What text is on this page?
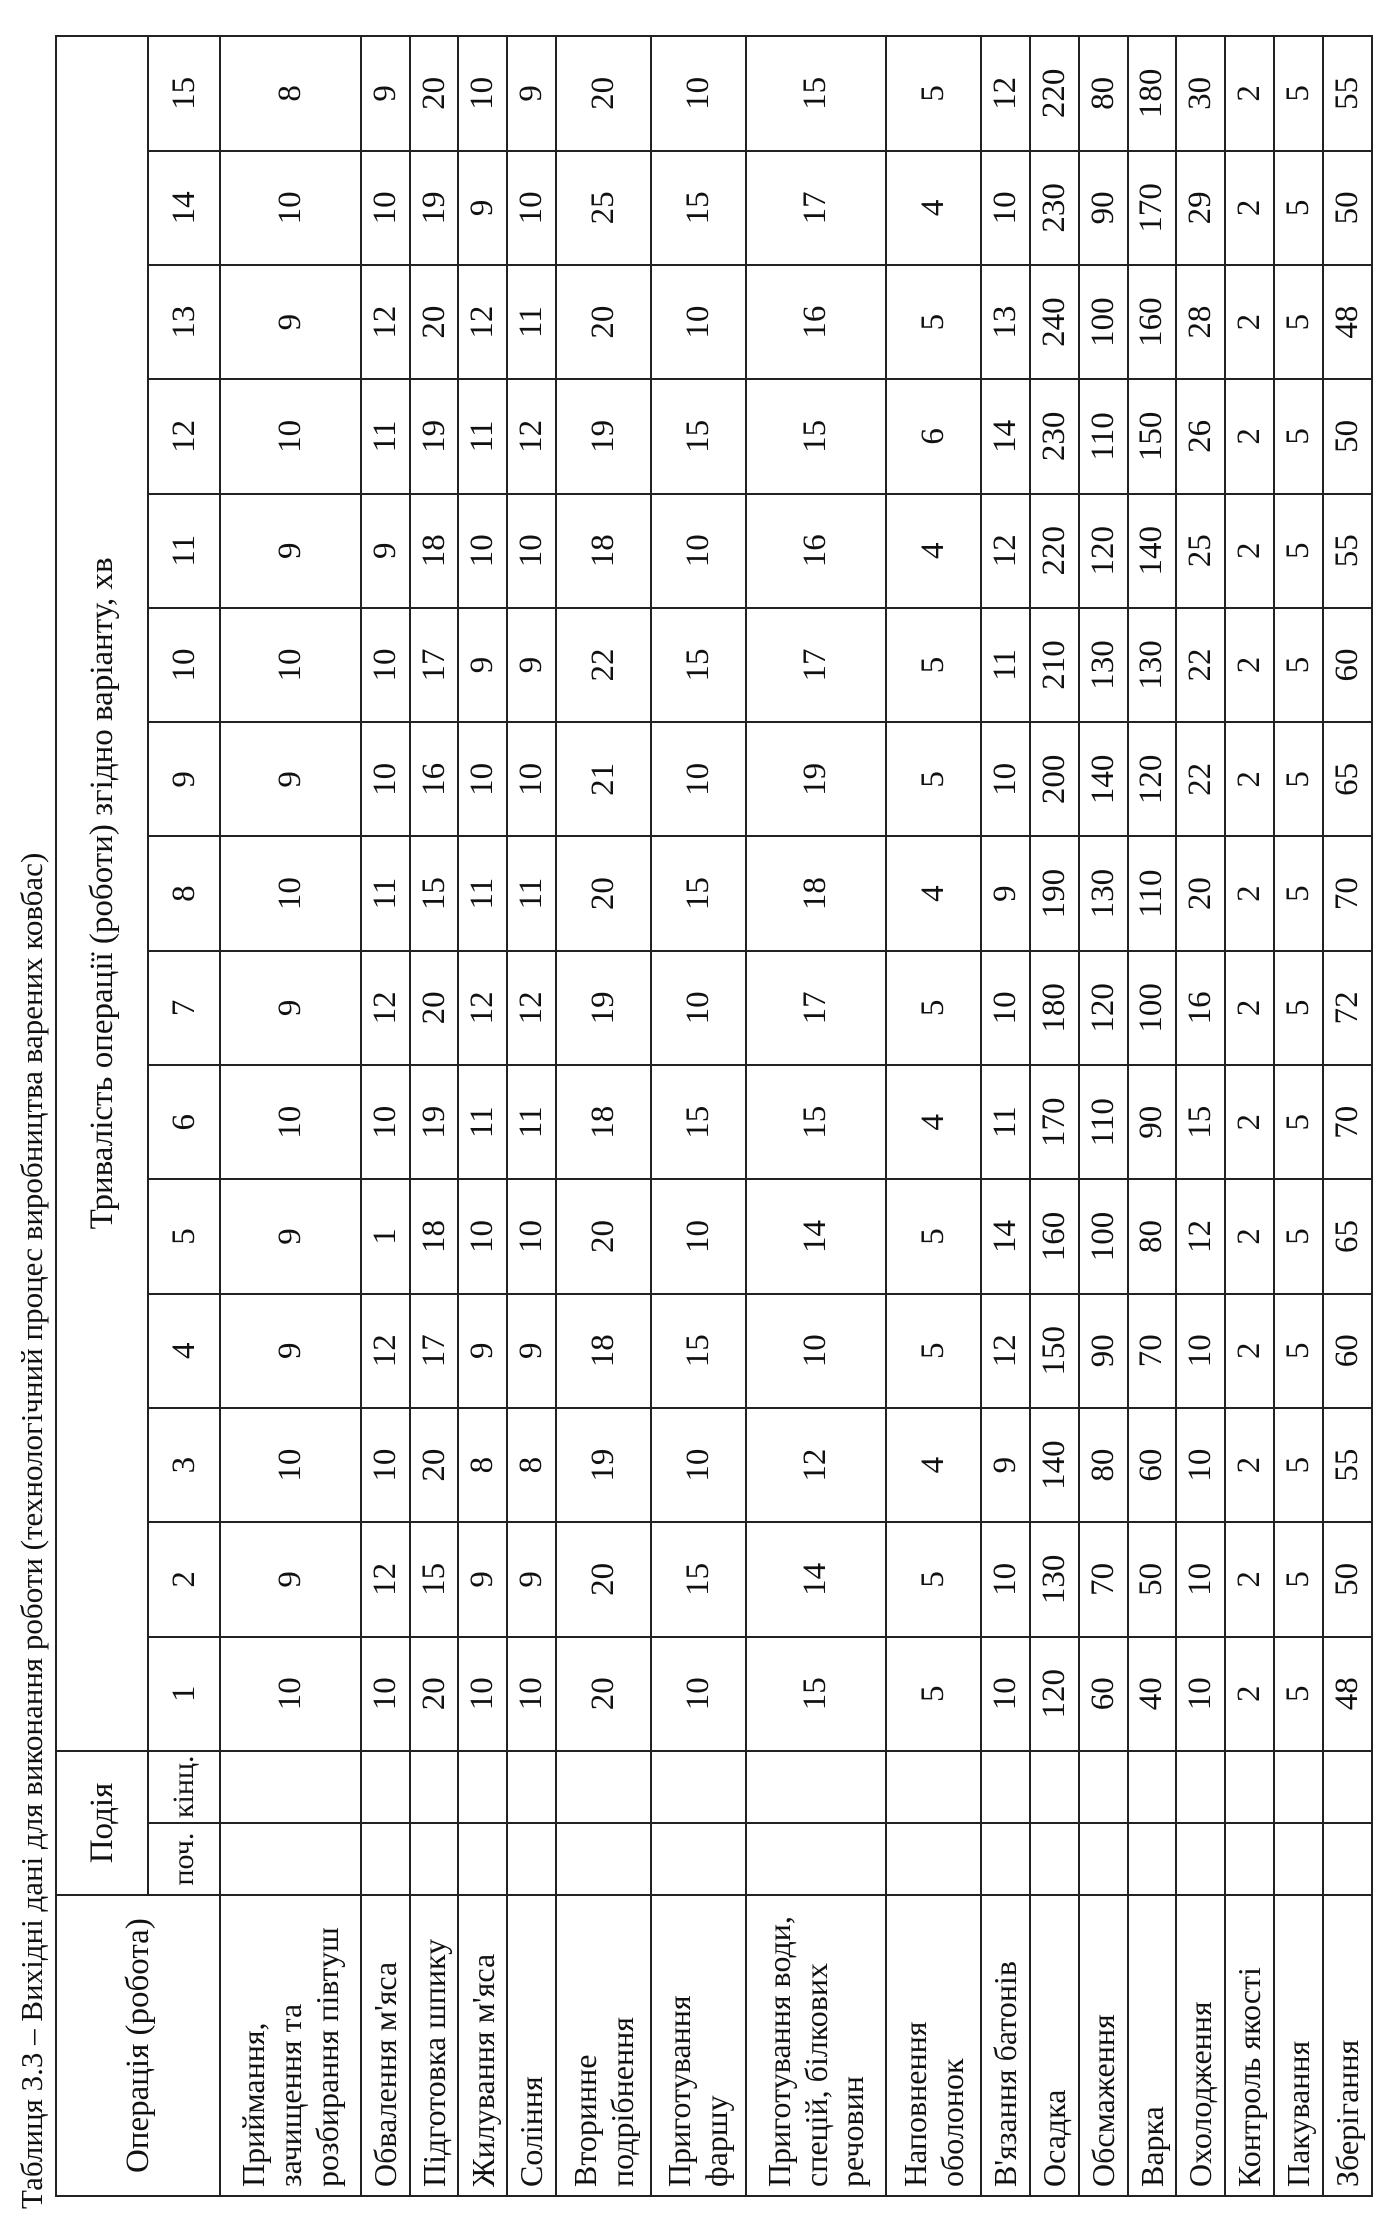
Таблиця 3.3 – Вихідні дані для виконання роботи (технологічний процес виробництва варених ковбас) Операція (робота)	Подія		Тривалість операції (роботи) згідно варіанту, хв														
	поч.	кінц.	1	2	3	4	5	6	7	8	9	10	11	12	13	14	15
Приймання, зачищення та розбирання півтуш			10	9	10	9	9	10	9	10	9	10	9	10	9	10	8
Обвалення м'яса			10	12	10	12	1	10	12	11	10	10	9	11	12	10	9
Підготовка шпику			20	15	20	17	18	19	20	15	16	17	18	19	20	19	20
Жилування м'яса			10	9	8	9	10	11	12	11	10	9	10	11	12	9	10
Соління			10	9	8	9	10	11	12	11	10	9	10	12	11	10	9
Вторинне подрібнення			20	20	19	18	20	18	19	20	21	22	18	19	20	25	20
Приготування фаршу			10	15	10	15	10	15	10	15	10	15	10	15	10	15	10
Приготування води, спецій, білкових речовин			15	14	12	10	14	15	17	18	19	17	16	15	16	17	15
Наповнення оболонок			5	5	4	5	5	4	5	4	5	5	4	6	5	4	5
В'язання батонів			10	10	9	12	14	11	10	9	10	11	12	14	13	10	12
Осадка			120	130	140	150	160	170	180	190	200	210	220	230	240	230	220
Обсмаження			60	70	80	90	100	110	120	130	140	130	120	110	100	90	80
Варка			40	50	60	70	80	90	100	110	120	130	140	150	160	170	180
Охолодження			10	10	10	10	12	15	16	20	22	22	25	26	28	29	30
Контроль якості			2	2	2	2	2	2	2	2	2	2	2	2	2	2	2
Пакування			5	5	5	5	5	5	5	5	5	5	5	5	5	5	5
Зберігання			48	50	55	60	65	70	72	70	65	60	55	50	48	50	55
